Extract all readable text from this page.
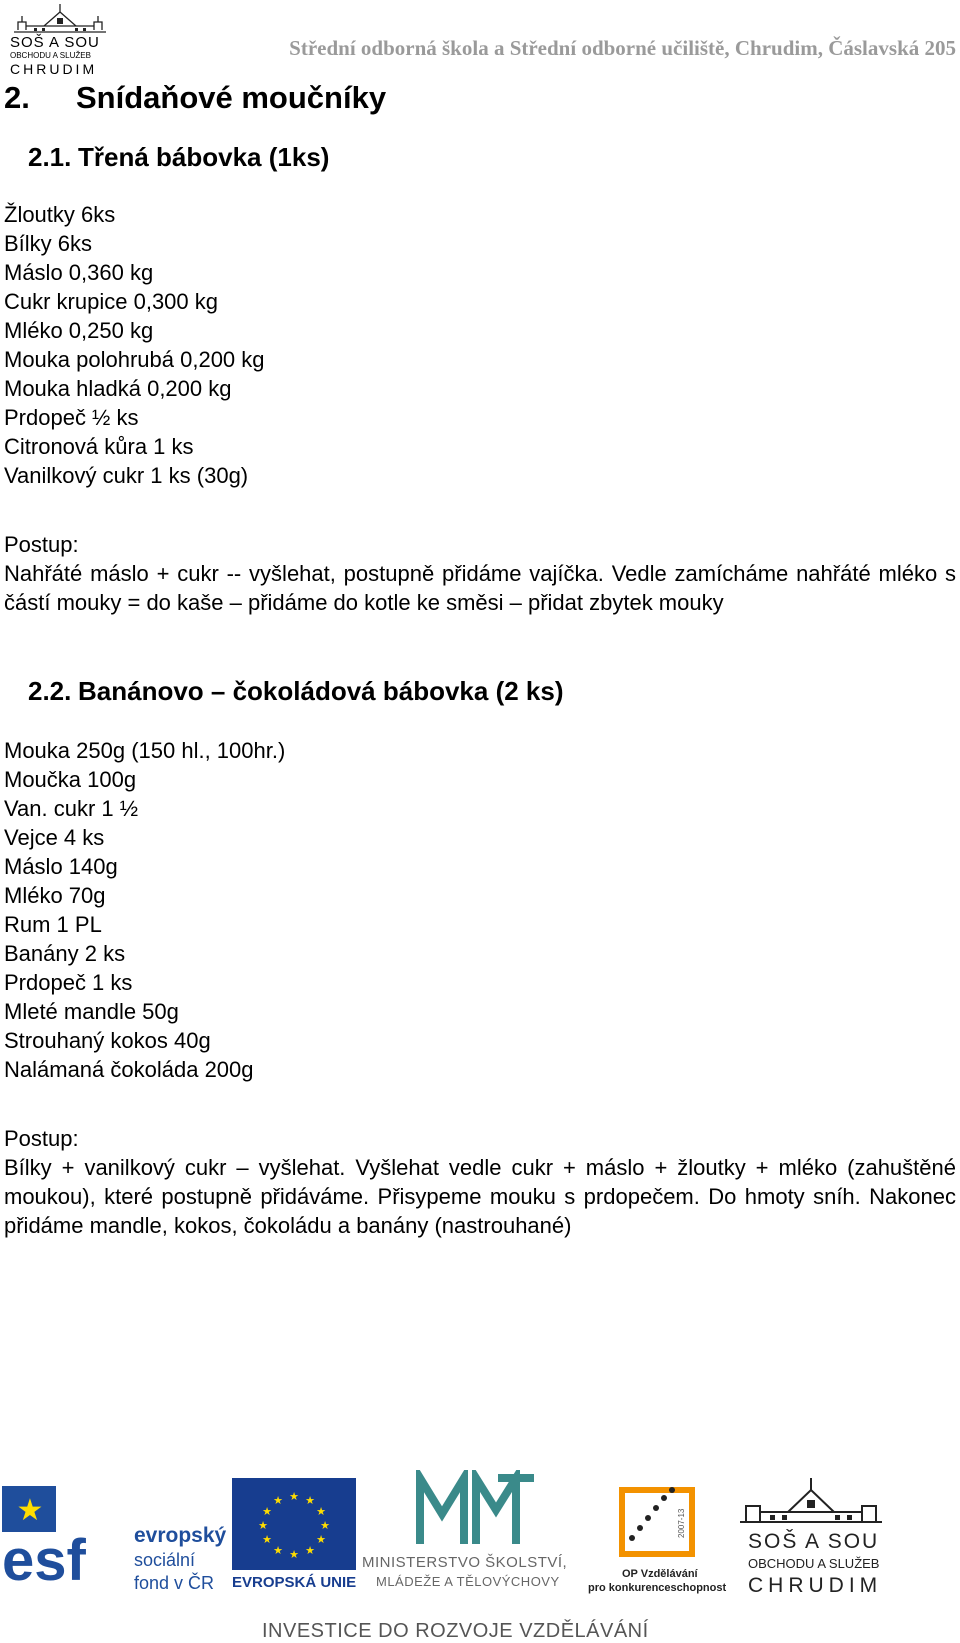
SOŠ A SOU
OBCHODU A SLUŽEB
CHRUDIM
Střední odborná škola a Střední odborné učiliště, Chrudim, Čáslavská 205
2. Snídaňové moučníky
2.1. Třená bábovka (1ks)
Žloutky 6ks
Bílky 6ks
Máslo 0,360 kg
Cukr krupice 0,300 kg
Mléko 0,250 kg
Mouka polohrubá 0,200 kg
Mouka hladká 0,200 kg
Prdopeč ½ ks
Citronová kůra 1 ks
Vanilkový cukr 1 ks (30g)
Postup:
Nahřáté máslo + cukr -- vyšlehat, postupně přidáme vajíčka. Vedle zamícháme nahřáté mléko s částí mouky = do kaše – přidáme do kotle ke směsi – přidat zbytek mouky
2.2. Banánovo – čokoládová bábovka (2 ks)
Mouka 250g (150 hl., 100hr.)
Moučka 100g
Van. cukr 1 ½
Vejce 4 ks
Máslo 140g
Mléko 70g
Rum 1 PL
Banány 2 ks
Prdopeč 1 ks
Mleté mandle 50g
Strouhaný kokos 40g
Nalámaná čokoláda 200g
Postup:
Bílky + vanilkový cukr – vyšlehat. Vyšlehat vedle cukr + máslo + žloutky + mléko (zahuštěné moukou), které postupně přidáváme. Přisypeme mouku s prdopečem. Do hmoty sníh. Nakonec přidáme mandle, kokos, čokoládu a banány (nastrouhané)
★
esf evropský
sociální
fond v ČR
★ ★
★
★
★
★
★
★
★
★
★
★
EVROPSKÁ UNIE
MINISTERSTVO ŠKOLSTVÍ,
MLÁDEŽE A TĚLOVÝCHOVY
2007-13
OP Vzdělávání
pro konkurenceschopnost
SOŠ A SOU
OBCHODU A SLUŽEB
CHRUDIM
INVESTICE DO ROZVOJE VZDĚLÁVÁNÍ
